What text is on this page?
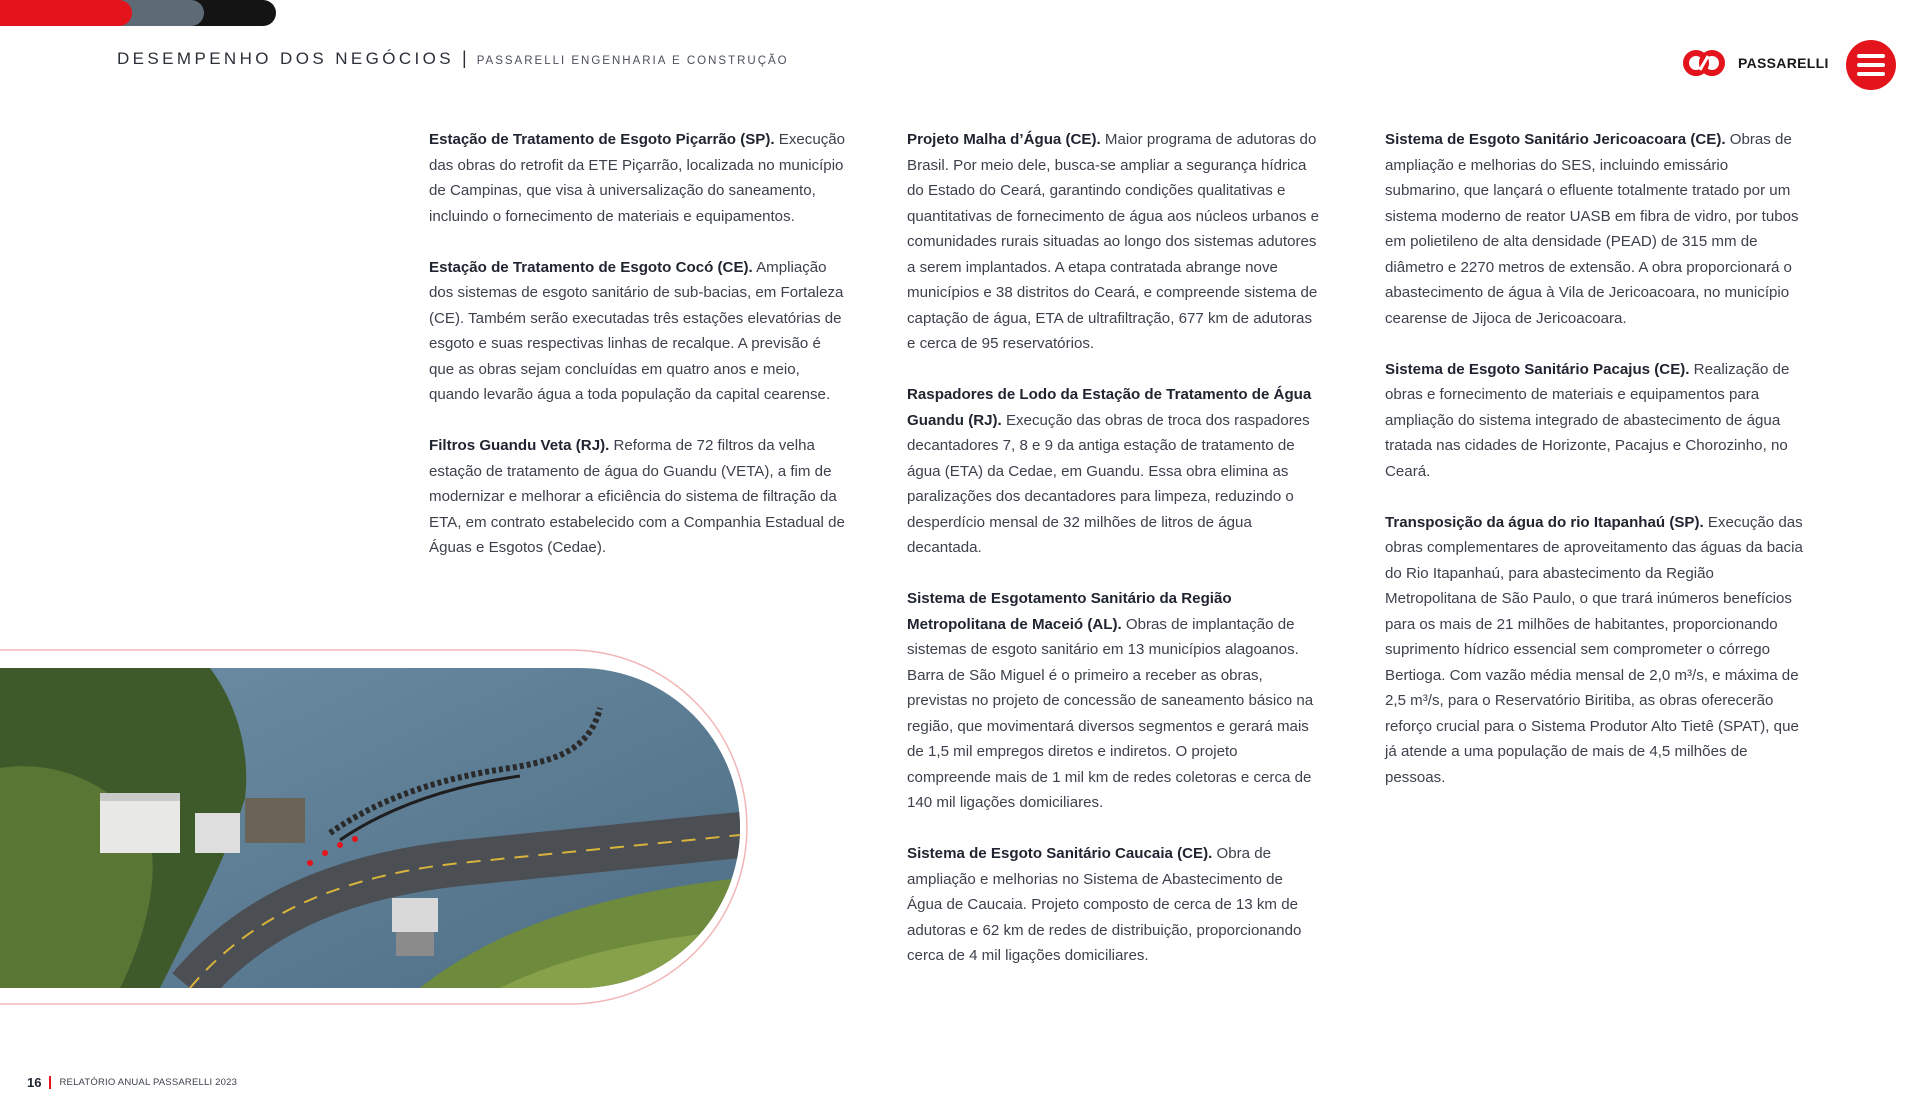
DESEMPENHO DOS NEGÓCIOS | PASSARELLI ENGENHARIA E CONSTRUÇÃO	PASSARELLI

Estação de Tratamento de Esgoto Piçarrão (SP). Execução das obras do retrofit da ETE Piçarrão, localizada no município de Campinas, que visa à universalização do saneamento, incluindo o fornecimento de materiais e equipamentos.

Estação de Tratamento de Esgoto Cocó (CE). Ampliação dos sistemas de esgoto sanitário de sub-bacias, em Fortaleza (CE). Também serão executadas três estações elevatórias de esgoto e suas respectivas linhas de recalque. A previsão é que as obras sejam concluídas em quatro anos e meio, quando levarão água a toda população da capital cearense.

Filtros Guandu Veta (RJ). Reforma de 72 filtros da velha estação de tratamento de água do Guandu (VETA), a fim de modernizar e melhorar a eficiência do sistema de filtração da ETA, em contrato estabelecido com a Companhia Estadual de Águas e Esgotos (Cedae).

Projeto Malha d’Água (CE). Maior programa de adutoras do Brasil. Por meio dele, busca-se ampliar a segurança hídrica do Estado do Ceará, garantindo condições qualitativas e quantitativas de fornecimento de água aos núcleos urbanos e comunidades rurais situadas ao longo dos sistemas adutores a serem implantados. A etapa contratada abrange nove municípios e 38 distritos do Ceará, e compreende sistema de captação de água, ETA de ultrafiltração, 677 km de adutoras e cerca de 95 reservatórios.

Raspadores de Lodo da Estação de Tratamento de Água Guandu (RJ). Execução das obras de troca dos raspadores decantadores 7, 8 e 9 da antiga estação de tratamento de água (ETA) da Cedae, em Guandu. Essa obra elimina as paralizações dos decantadores para limpeza, reduzindo o desperdício mensal de 32 milhões de litros de água decantada.

Sistema de Esgotamento Sanitário da Região Metropolitana de Maceió (AL). Obras de implantação de sistemas de esgoto sanitário em 13 municípios alagoanos. Barra de São Miguel é o primeiro a receber as obras, previstas no projeto de concessão de saneamento básico na região, que movimentará diversos segmentos e gerará mais de 1,5 mil empregos diretos e indiretos. O projeto compreende mais de 1 mil km de redes coletoras e cerca de 140 mil ligações domiciliares.

Sistema de Esgoto Sanitário Caucaia (CE). Obra de ampliação e melhorias no Sistema de Abastecimento de Água de Caucaia. Projeto composto de cerca de 13 km de adutoras e 62 km de redes de distribuição, proporcionando cerca de 4 mil ligações domiciliares.

Sistema de Esgoto Sanitário Jericoacoara (CE). Obras de ampliação e melhorias do SES, incluindo emissário submarino, que lançará o efluente totalmente tratado por um sistema moderno de reator UASB em fibra de vidro, por tubos em polietileno de alta densidade (PEAD) de 315 mm de diâmetro e 2270 metros de extensão. A obra proporcionará o abastecimento de água à Vila de Jericoacoara, no município cearense de Jijoca de Jericoacoara.

Sistema de Esgoto Sanitário Pacajus (CE). Realização de obras e fornecimento de materiais e equipamentos para ampliação do sistema integrado de abastecimento de água tratada nas cidades de Horizonte, Pacajus e Chorozinho, no Ceará.

Transposição da água do rio Itapanhaú (SP). Execução das obras complementares de aproveitamento das águas da bacia do Rio Itapanhaú, para abastecimento da Região Metropolitana de São Paulo, o que trará inúmeros benefícios para os mais de 21 milhões de habitantes, proporcionando suprimento hídrico essencial sem comprometer o córrego Bertioga. Com vazão média mensal de 2,0 m³/s, e máxima de 2,5 m³/s, para o Reservatório Biritiba, as obras oferecerão reforço crucial para o Sistema Produtor Alto Tietê (SPAT), que já atende a uma população de mais de 4,5 milhões de pessoas.

16 RELATÓRIO ANUAL PASSARELLI 2023
